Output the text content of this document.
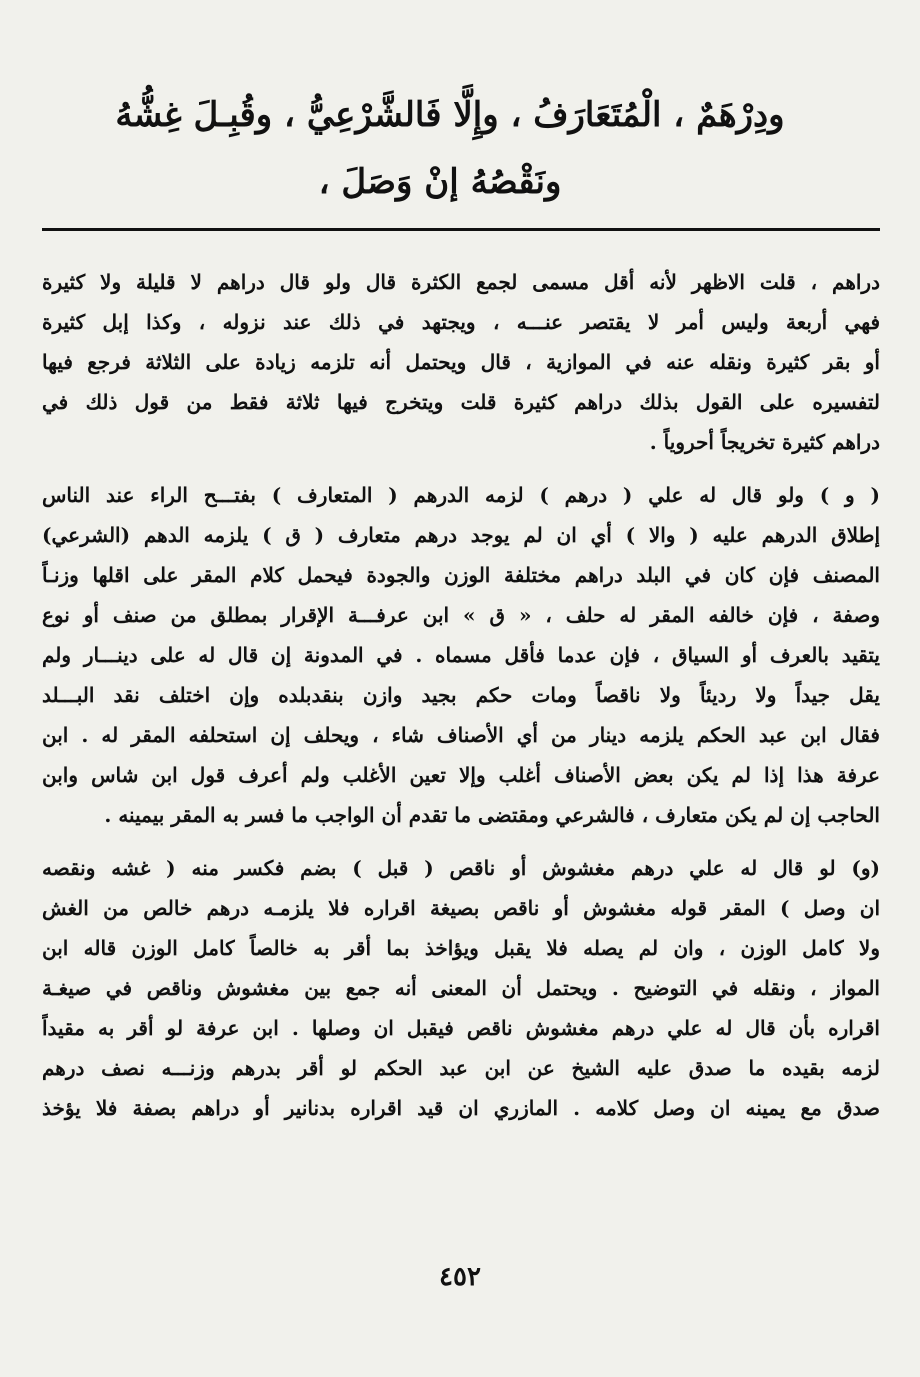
ودِرْهَمٌ ، الْمُتَعَارَفُ ، وإِلَّا فَالشَّرْعِيُّ ، وقُبِـلَ غِشُّهُ
ونَقْصُهُ إنْ وَصَلَ ،
دراهم ، قلت الاظهر لأنه أقل مسمى لجمع الكثرة قال ولو قال دراهم لا قليلة ولا كثيرة
فهي أربعة وليس أمر لا يقتصر عنـــه ، ويجتهد في ذلك عند نزوله ، وكذا إبل كثيرة
أو بقر كثيرة ونقله عنه في الموازية ، قال ويحتمل أنه تلزمه زيادة على الثلاثة فرجع فيها
لتفسيره على القول بذلك دراهم كثيرة قلت ويتخرج فيها ثلاثة فقط من قول ذلك في
دراهم كثيرة تخريجاً أحروياً .
( و ) ولو قال له علي ( درهم ) لزمه الدرهم ( المتعارف ) بفتـــح الراء عند الناس
إطلاق الدرهم عليه ( والا ) أي ان لم يوجد درهم متعارف ( ق ) يلزمه الدهم (الشرعي)
المصنف فإن كان في البلد دراهم مختلفة الوزن والجودة فيحمل كلام المقر على اقلها وزنـاً
وصفة ، فإن خالفه المقر له حلف ، « ق » ابن عرفـــة الإقرار بمطلق من صنف أو نوع
يتقيد بالعرف أو السياق ، فإن عدما فأقل مسماه . في المدونة إن قال له على دينـــار ولم
يقل جيداً ولا رديئاً ولا ناقصاً ومات حكم بجيد وازن بنقدبلده وإن اختلف نقد البـــلد
فقال ابن عبد الحكم يلزمه دينار من أي الأصناف شاء ، ويحلف إن استحلفه المقر له . ابن
عرفة هذا إذا لم يكن بعض الأصناف أغلب وإلا تعين الأغلب ولم أعرف قول ابن شاس وابن
الحاجب إن لم يكن متعارف ، فالشرعي ومقتضى ما تقدم أن الواجب ما فسر به المقر بيمينه .
(و) لو قال له علي درهم مغشوش أو ناقص ( قبل ) بضم فكسر منه ( غشه ونقصه
ان وصل ) المقر قوله مغشوش أو ناقص بصيغة اقراره فلا يلزمـه درهم خالص من الغش
ولا كامل الوزن ، وان لم يصله فلا يقبل ويؤاخذ بما أقر به خالصاً كامل الوزن قاله ابن
المواز ، ونقله في التوضيح . ويحتمل أن المعنى أنه جمع بين مغشوش وناقص في صيغـة
اقراره بأن قال له علي درهم مغشوش ناقص فيقبل ان وصلها . ابن عرفة لو أقر به مقيداً
لزمه بقيده ما صدق عليه الشيخ عن ابن عبد الحكم لو أقر بدرهم وزنـــه نصف درهم
صدق مع يمينه ان وصل كلامه . المازري ان قيد اقراره بدنانير أو دراهم بصفة فلا يؤخذ
٤٥٢
